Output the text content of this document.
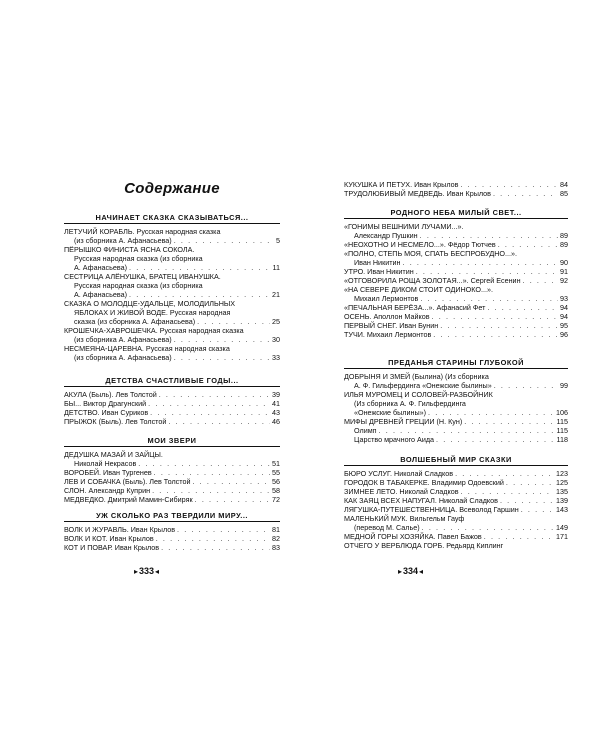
Содержание
НАЧИНАЕТ СКАЗКА СКАЗЫВАТЬСЯ...
ЛЕТУЧИЙ КОРАБЛЬ. Русская народная сказка
(из сборника А. Афанасьева) . . .	5
ПЁРЫШКО ФИНИСТА ЯСНА СОКОЛА.
Русская народная сказка (из сборника
А. Афанасьева) . . .	11
СЕСТРИЦА АЛЁНУШКА, БРАТЕЦ ИВАНУШКА.
Русская народная сказка (из сборника
А. Афанасьева) . . .	21
СКАЗКА О МОЛОДЦЕ-УДАЛЬЦЕ, МОЛОДИЛЬНЫХ
ЯБЛОКАХ И ЖИВОЙ ВОДЕ. Русская народная
сказка (из сборника А. Афанасьева) . . .	25
КРОШЕЧКА-ХАВРОШЕЧКА. Русская народная сказка
(из сборника А. Афанасьева) . . .	30
НЕСМЕЯНА-ЦАРЕВНА. Русская народная сказка
(из сборника А. Афанасьева) . . .	33
ДЕТСТВА СЧАСТЛИВЫЕ ГОДЫ...
АКУЛА (Быль). Лев Толстой . . .	39
БЫ... Виктор Драгунский . . .	41
ДЕТСТВО. Иван Суриков . . .	43
ПРЫЖОК (Быль). Лев Толстой . . .	46
МОИ ЗВЕРИ
ДЕДУШКА МАЗАЙ И ЗАЙЦЫ.
Николай Некрасов . . .	51
ВОРОБЕЙ. Иван Тургенев . . .	55
ЛЕВ И СОБАЧКА (Быль). Лев Толстой . . .	56
СЛОН. Александр Куприн . . .	58
МЕДВЕДКО. Дмитрий Мамин-Сибиряк . . .	72
УЖ СКОЛЬКО РАЗ ТВЕРДИЛИ МИРУ...
ВОЛК И ЖУРАВЛЬ. Иван Крылов . . .	81
ВОЛК И КОТ. Иван Крылов . . .	82
КОТ И ПОВАР. Иван Крылов . . .	83
▸ 333 ◂
КУКУШКА И ПЕТУХ. Иван Крылов . . .	84
ТРУДОЛЮБИВЫЙ МЕДВЕДЬ. Иван Крылов . . .	85
РОДНОГО НЕБА МИЛЫЙ СВЕТ...
«ГОНИМЫ ВЕШНИМИ ЛУЧАМИ...».
Александр Пушкин . . .	89
«НЕОХОТНО И НЕСМЕЛО...». Фёдор Тютчев . . .	89
«ПОЛНО, СТЕПЬ МОЯ, СПАТЬ БЕСПРОБУДНО...».
Иван Никитин . . .	90
УТРО. Иван Никитин . . .	91
«ОТГОВОРИЛА РОЩА ЗОЛОТАЯ...». Сергей Есенин . . .	92
«НА СЕВЕРЕ ДИКОМ СТОИТ ОДИНОКО...».
Михаил Лермонтов . . .	93
«ПЕЧАЛЬНАЯ БЕРЁЗА...». Афанасий Фет . . .	94
ОСЕНЬ. Аполлон Майков . . .	94
ПЕРВЫЙ СНЕГ. Иван Бунин . . .	95
ТУЧИ. Михаил Лермонтов . . .	96
ПРЕДАНЬЯ СТАРИНЫ ГЛУБОКОЙ
ДОБРЫНЯ И ЗМЕЙ (Былина) (Из сборника
А. Ф. Гильфердинга «Онежские былины» . . .	99
ИЛЬЯ МУРОМЕЦ И СОЛОВЕЙ-РАЗБОЙНИК
(Из сборника А. Ф. Гильфердинга
«Онежские былины») . . .	106
МИФЫ ДРЕВНЕЙ ГРЕЦИИ (Н. Кун) . . .	115
Олимп . . .	115
Царство мрачного Аида . . .	118
ВОЛШЕБНЫЙ МИР СКАЗКИ
БЮРО УСЛУГ. Николай Сладков . . .	123
ГОРОДОК В ТАБАКЕРКЕ. Владимир Одоевский . . .	125
ЗИМНЕЕ ЛЕТО. Николай Сладков . . .	135
КАК ЗАЯЦ ВСЕХ НАПУГАЛ. Николай Сладков . . .	139
ЛЯГУШКА-ПУТЕШЕСТВЕННИЦА. Всеволод Гаршин . . .	143
МАЛЕНЬКИЙ МУК. Вильгельм Гауф
(перевод М. Салье) . . .	149
МЕДНОЙ ГОРЫ ХОЗЯЙКА. Павел Бажов . . .	171
ОТЧЕГО У ВЕРБЛЮДА ГОРБ. Редьярд Киплинг
▸ 334 ◂
